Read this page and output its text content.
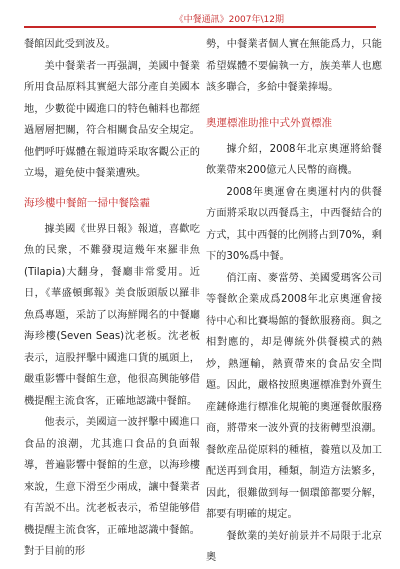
《中餐通訊》2007年\12期

餐館因此受到波及。

美中餐業者一再强調，美國中餐業所用食品原料其實絕大部分產自美國本地，少數從中國進口的特色輔料也都經過層層把關，符合相關食品安全規定。他們呼吁媒體在報道時采取客觀公正的立場，避免使中餐業遭殃。

海珍樓中餐館一掃中餐陰霾

據美國《世界日報》報道，喜歡吃魚的民衆，不難發現這幾年來羅非魚(Tilapia)大翻身，餐廳非常愛用。近日，《華盛頓郵報》美食版頭版以羅非魚爲專題，采訪了以海鮮聞名的中餐廳海珍樓(Seven Seas)沈老板。沈老板表示，這股抨擊中國進口貨的風頭上，嚴重影響中餐館生意，他很高興能够借機提醒主流食客，正確地認識中餐館。

他表示，美國這一波抨擊中國進口食品的浪潮，尤其進口食品的負面報導，普遍影響中餐館的生意，以海珍樓來說，生意下滑至少兩成，讓中餐業者有苦説不出。沈老板表示，希望能够借機提醒主流食客，正確地認識中餐館。對于目前的形

勢，中餐業者個人實在無能爲力，只能希望媒體不要偏執一方，族美華人也應該多聯合，多給中餐業捧場。

奧運標准助推中式外賣標准

據介紹，2008年北京奧運將給餐飲業帶來200億元人民幣的商機。

2008年奧運會在奧運村内的供餐方面將采取以西餐爲主，中西餐結合的方式，其中西餐的比例將占到70%，剩下的30%爲中餐。

俏江南、麥當勞、美國愛瑪客公司等餐飲企業成爲2008年北京奧運會接待中心和比賽場館的餐飲服務商。與之相對應的，却是傳統外供餐模式的熱炒，熱運輸，熱賣帶來的食品安全問題。因此，嚴格按照奧運標准對外賣生産鏈條進行標准化規範的奧運餐飲服務商，將帶來一波外賣的技術轉型浪潮。餐飲産品從原料的種植，養殖以及加工配送再到食用，種類，制造方法繁多，因此，很難做到每一個環節都要分解，都要有明確的規定。

餐飲業的美好前景并不局限于北京奧
